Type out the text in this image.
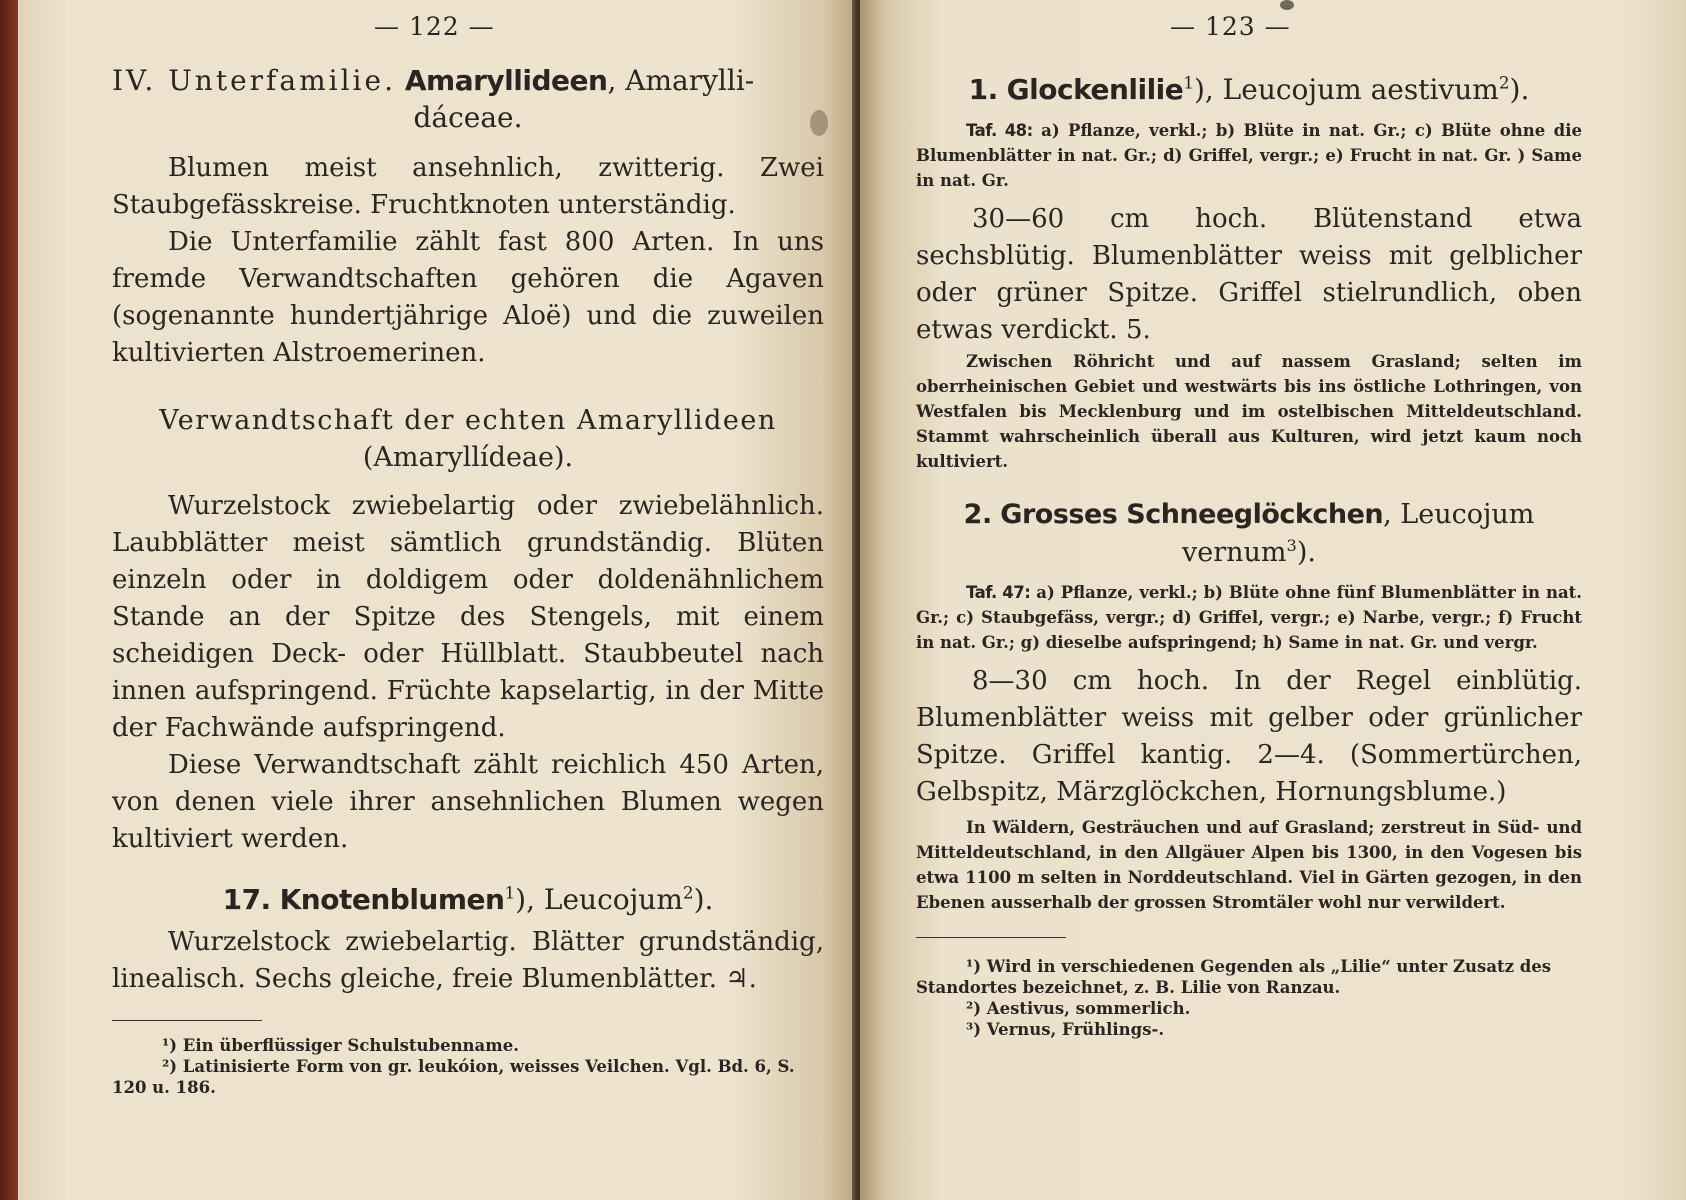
— 122 —
IV. Unterfamilie. Amaryllideen, Amarylli-
dáceae.

Blumen meist ansehnlich, zwitterig. Zwei Staubgefässkreise. Fruchtknoten unterständig.

Die Unterfamilie zählt fast 800 Arten. In uns fremde Verwandtschaften gehören die Agaven (sogenannte hundertjährige Aloë) und die zuweilen kultivierten Alstroemerinen.

Verwandtschaft der echten Amaryllideen
(Amaryllídeae).

Wurzelstock zwiebelartig oder zwiebelähnlich. Laubblätter meist sämtlich grundständig. Blüten einzeln oder in doldigem oder doldenähnlichem Stande an der Spitze des Stengels, mit einem scheidigen Deck- oder Hüllblatt. Staubbeutel nach innen aufspringend. Früchte kapselartig, in der Mitte der Fachwände aufspringend.

Diese Verwandtschaft zählt reichlich 450 Arten, von denen viele ihrer ansehnlichen Blumen wegen kultiviert werden.

17. Knotenblumen$^1$), Leucojum$^2$).

Wurzelstock zwiebelartig. Blätter grundständig, linealisch. Sechs gleiche, freie Blumenblätter. ♃.

¹) Ein überflüssiger Schulstubenname.

²) Latinisierte Form von gr. leukóion, weisses Veilchen. Vgl. Bd. 6, S. 120 u. 186.

— 123 —
1. Glockenlilie$^1$), Leucojum aestivum$^2$).

Taf. 48: a) Pflanze, verkl.; b) Blüte in nat. Gr.; c) Blüte ohne die Blumenblätter in nat. Gr.; d) Griffel, vergr.; e) Frucht in nat. Gr. ) Same in nat. Gr.

30—60 cm hoch. Blütenstand etwa sechsblütig. Blumenblätter weiss mit gelblicher oder grüner Spitze. Griffel stielrundlich, oben etwas verdickt. 5.

Zwischen Röhricht und auf nassem Grasland; selten im oberrheinischen Gebiet und westwärts bis ins östliche Lothringen, von Westfalen bis Mecklenburg und im ostelbischen Mitteldeutschland. Stammt wahrscheinlich überall aus Kulturen, wird jetzt kaum noch kultiviert.

2. Grosses Schneeglöckchen, Leucojum
vernum$^3$).

Taf. 47: a) Pflanze, verkl.; b) Blüte ohne fünf Blumenblätter in nat. Gr.; c) Staubgefäss, vergr.; d) Griffel, vergr.; e) Narbe, vergr.; f) Frucht in nat. Gr.; g) dieselbe aufspringend; h) Same in nat. Gr. und vergr.

8—30 cm hoch. In der Regel einblütig. Blumenblätter weiss mit gelber oder grünlicher Spitze. Griffel kantig. 2—4. (Sommertürchen, Gelbspitz, Märzglöckchen, Hornungsblume.)

In Wäldern, Gesträuchen und auf Grasland; zerstreut in Süd- und Mitteldeutschland, in den Allgäuer Alpen bis 1300, in den Vogesen bis etwa 1100 m selten in Norddeutschland. Viel in Gärten gezogen, in den Ebenen ausserhalb der grossen Stromtäler wohl nur verwildert.

¹) Wird in verschiedenen Gegenden als „Lilie“ unter Zusatz des Standortes bezeichnet, z. B. Lilie von Ranzau.

²) Aestivus, sommerlich.

³) Vernus, Frühlings-.
